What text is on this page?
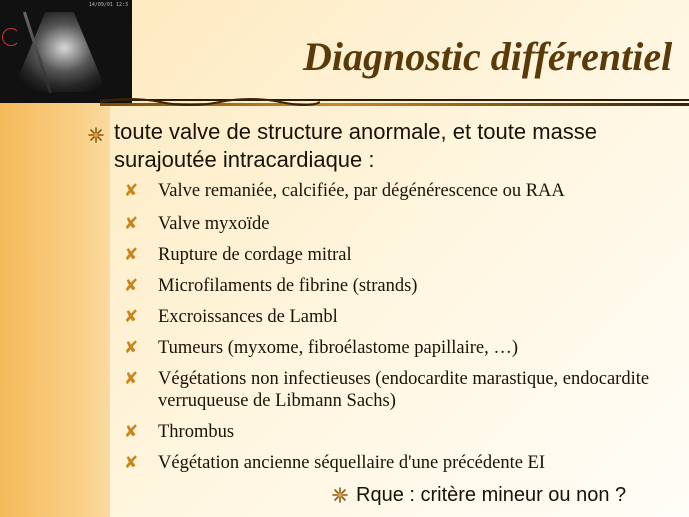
14/09/01 12:3
Diagnostic différentiel
toute valve de structure anormale, et toute masse surajoutée intracardiaque :
✘ Valve remaniée, calcifiée, par dégénérescence ou RAA
✘ Valve myxoïde
✘ Rupture de cordage mitral
✘ Microfilaments de fibrine (strands)
✘ Excroissances de Lambl
✘ Tumeurs (myxome, fibroélastome papillaire, …)
✘ Végétations non infectieuses (endocardite marastique, endocardite verruqueuse de Libmann Sachs)
✘ Thrombus
✘ Végétation ancienne séquellaire d'une précédente EI
Rque : critère mineur ou non ?
